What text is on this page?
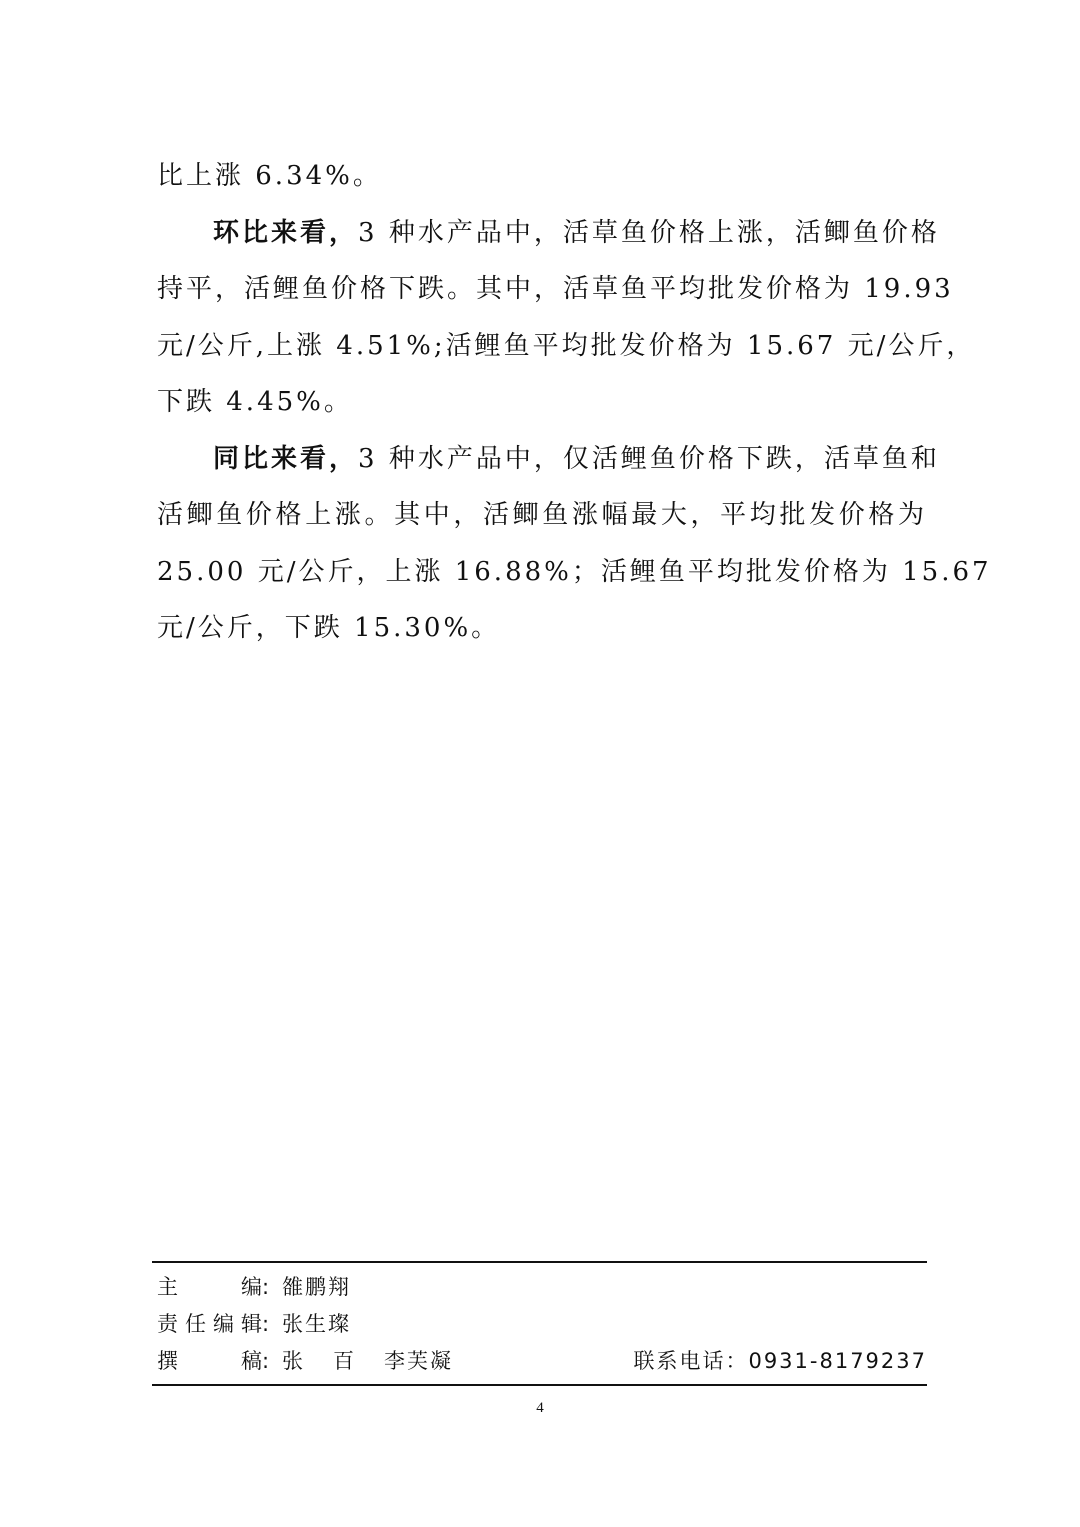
比上涨 6.34%。
环比来看，3 种水产品中，活草鱼价格上涨，活鲫鱼价格
持平，活鲤鱼价格下跌。其中，活草鱼平均批发价格为 19.93
元/公斤,上涨 4.51%;活鲤鱼平均批发价格为 15.67 元/公斤，
下跌 4.45%。
同比来看，3 种水产品中，仅活鲤鱼价格下跌，活草鱼和
活鲫鱼价格上涨。其中，活鲫鱼涨幅最大，平均批发价格为
25.00 元/公斤，上涨 16.88%；活鲤鱼平均批发价格为 15.67
元/公斤，下跌 15.30%。
主编 : 雒鹏翔
责任编辑 : 张生璨
撰稿 : 张 百 李芙凝	联系电话：0931-8179237
4
